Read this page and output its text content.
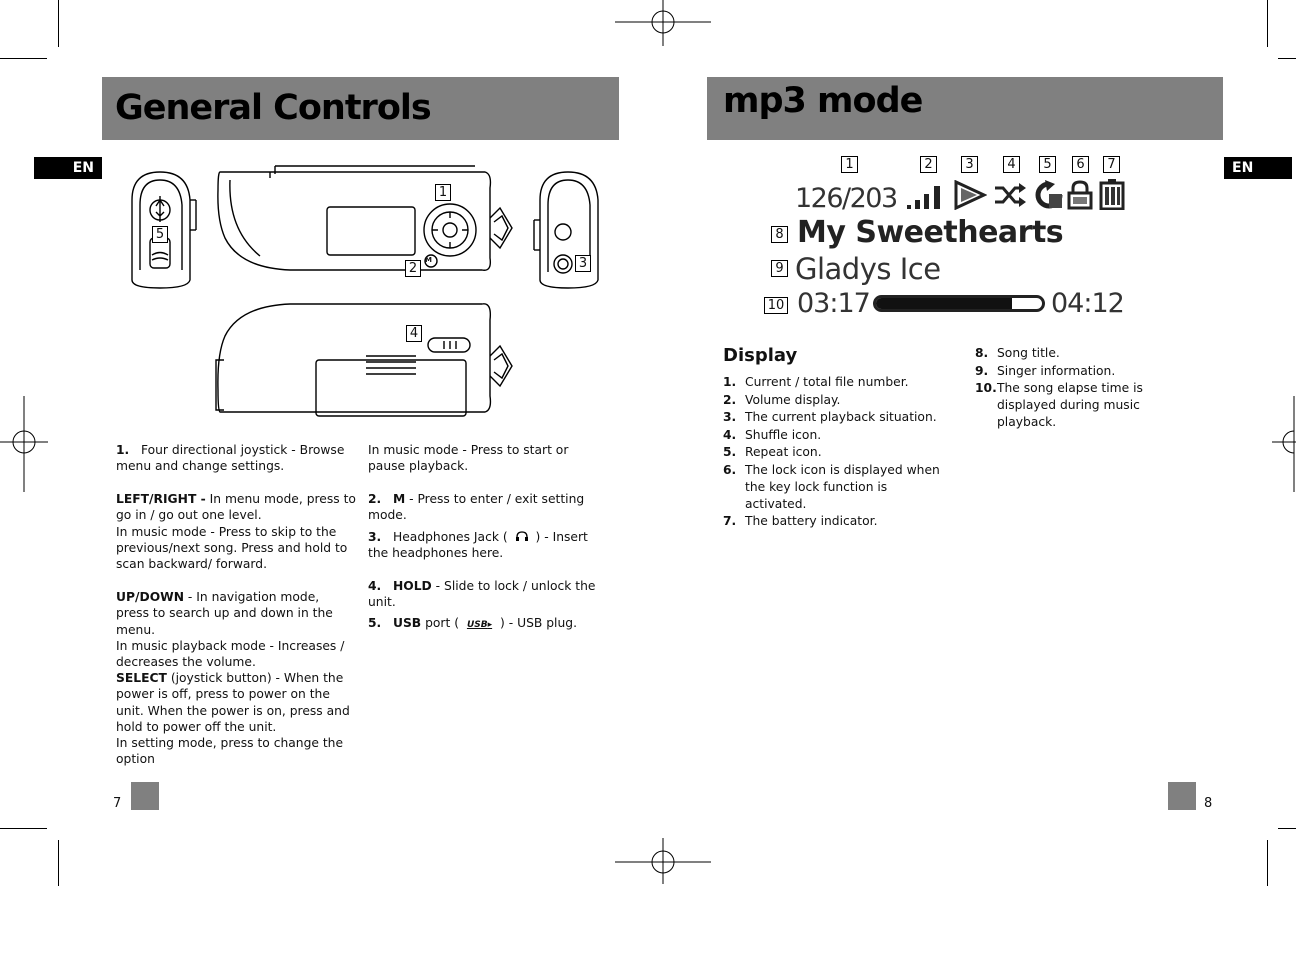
General Controls
EN
1
2	3
4
5
M
1. Four directional joystick - Browse menu and change settings.
LEFT/RIGHT - In menu mode, press to go in / go out one level.
In music mode - Press to skip to the previous/next song. Press and hold to scan backward/ forward.
UP/DOWN - In navigation mode, press to search up and down in the menu.
In music playback mode - Increases / decreases the volume.
SELECT (joystick button) - When the power is off, press to power on the unit. When the power is on, press and hold to power off the unit.
In setting mode, press to change the option
In music mode - Press to start or pause playback.
2. M - Press to enter / exit setting mode.
3. Headphones Jack ( ) - Insert the headphones here.
4. HOLD - Slide to lock / unlock the unit.
5. USB port ( USB▸ ) - USB plug.
7
mp3 mode
EN
1	2	3	4	5	6	7
8
9
10
126/203
My Sweethearts
Gladys Ice
03:17	04:12
Display
1. Current / total file number.
2. Volume display.
3. The current playback situation.
4. Shuffle icon.
5. Repeat icon.
6. The lock icon is displayed when the key lock function is activated.
7. The battery indicator.
8. Song title.
9. Singer information.
10. The song elapse time is displayed during music playback.
8
